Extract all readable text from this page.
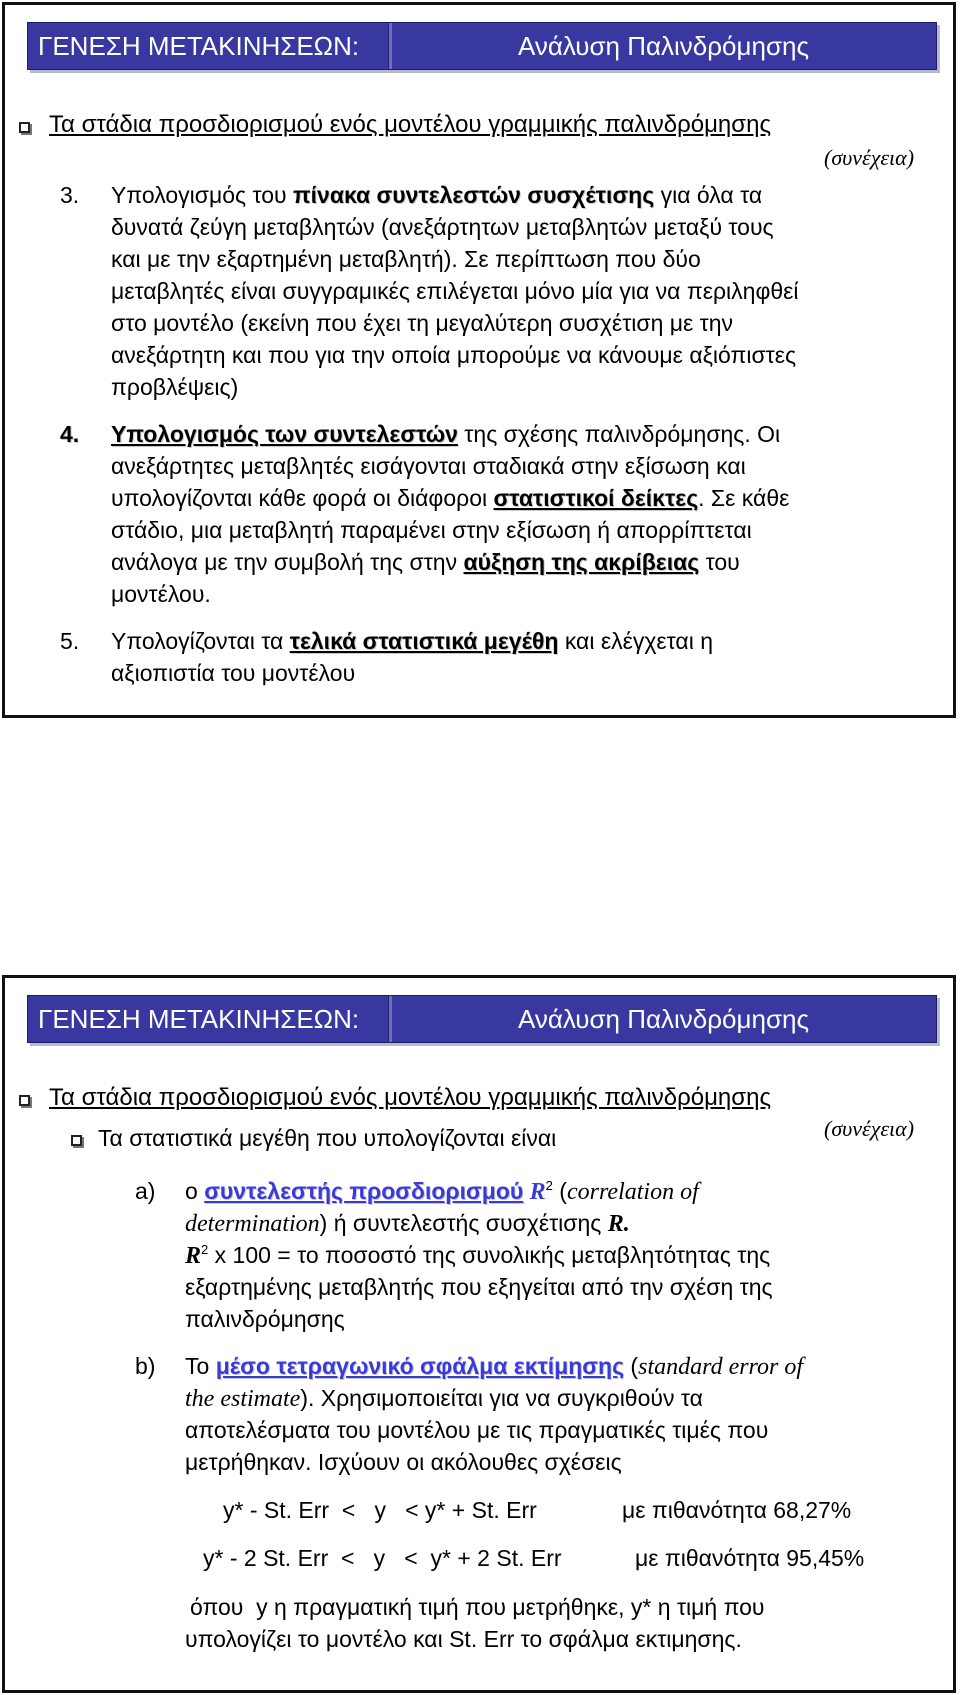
ΓΕΝΕΣΗ ΜΕΤΑΚΙΝΗΣΕΩΝ:	Ανάλυση Παλινδρόμησης
Τα στάδια προσδιορισμού ενός μοντέλου γραμμικής παλινδρόμησης
(συνέχεια)
3. Υπολογισμός του πίνακα συντελεστών συσχέτισης για όλα τα
δυνατά ζεύγη μεταβλητών (ανεξάρτητων μεταβλητών μεταξύ τους
και με την εξαρτημένη μεταβλητή). Σε περίπτωση που δύο
μεταβλητές είναι συγγραμικές επιλέγεται μόνο μία για να περιληφθεί
στο μοντέλο (εκείνη που έχει τη μεγαλύτερη συσχέτιση με την
ανεξάρτητη και που για την οποία μπορούμε να κάνουμε αξιόπιστες
προβλέψεις)
4. Υπολογισμός των συντελεστών της σχέσης παλινδρόμησης. Οι
ανεξάρτητες μεταβλητές εισάγονται σταδιακά στην εξίσωση και
υπολογίζονται κάθε φορά οι διάφοροι στατιστικοί δείκτες. Σε κάθε
στάδιο, μια μεταβλητή παραμένει στην εξίσωση ή απορρίπτεται
ανάλογα με την συμβολή της στην αύξηση της ακρίβειας του
μοντέλου.
5. Υπολογίζονται τα τελικά στατιστικά μεγέθη και ελέγχεται η
αξιοπιστία του μοντέλου
ΓΕΝΕΣΗ ΜΕΤΑΚΙΝΗΣΕΩΝ:	Ανάλυση Παλινδρόμησης
Τα στάδια προσδιορισμού ενός μοντέλου γραμμικής παλινδρόμησης
(συνέχεια)
Τα στατιστικά μεγέθη που υπολογίζονται είναι
a) ο συντελεστής προσδιορισμού $R^2$ (correlation of
determination) ή συντελεστής συσχέτισης R.
$R^2$ x 100 = το ποσοστό της συνολικής μεταβλητότητας της
εξαρτημένης μεταβλητής που εξηγείται από την σχέση της
παλινδρόμησης
b) Το μέσο τετραγωνικό σφάλμα εκτίμησης (standard error of
the estimate). Χρησιμοποιείται για να συγκριθούν τα
αποτελέσματα του μοντέλου με τις πραγματικές τιμές που
μετρήθηκαν. Ισχύουν οι ακόλουθες σχέσεις
y* - St. Err  <   y   < y* + St. Err	με πιθανότητα 68,27%
y* - 2 St. Err  <   y   <  y* + 2 St. Err	με πιθανότητα 95,45%
όπου  y η πραγματική τιμή που μετρήθηκε, y* η τιμή που
υπολογίζει το μοντέλο και St. Err το σφάλμα εκτιμησης.
